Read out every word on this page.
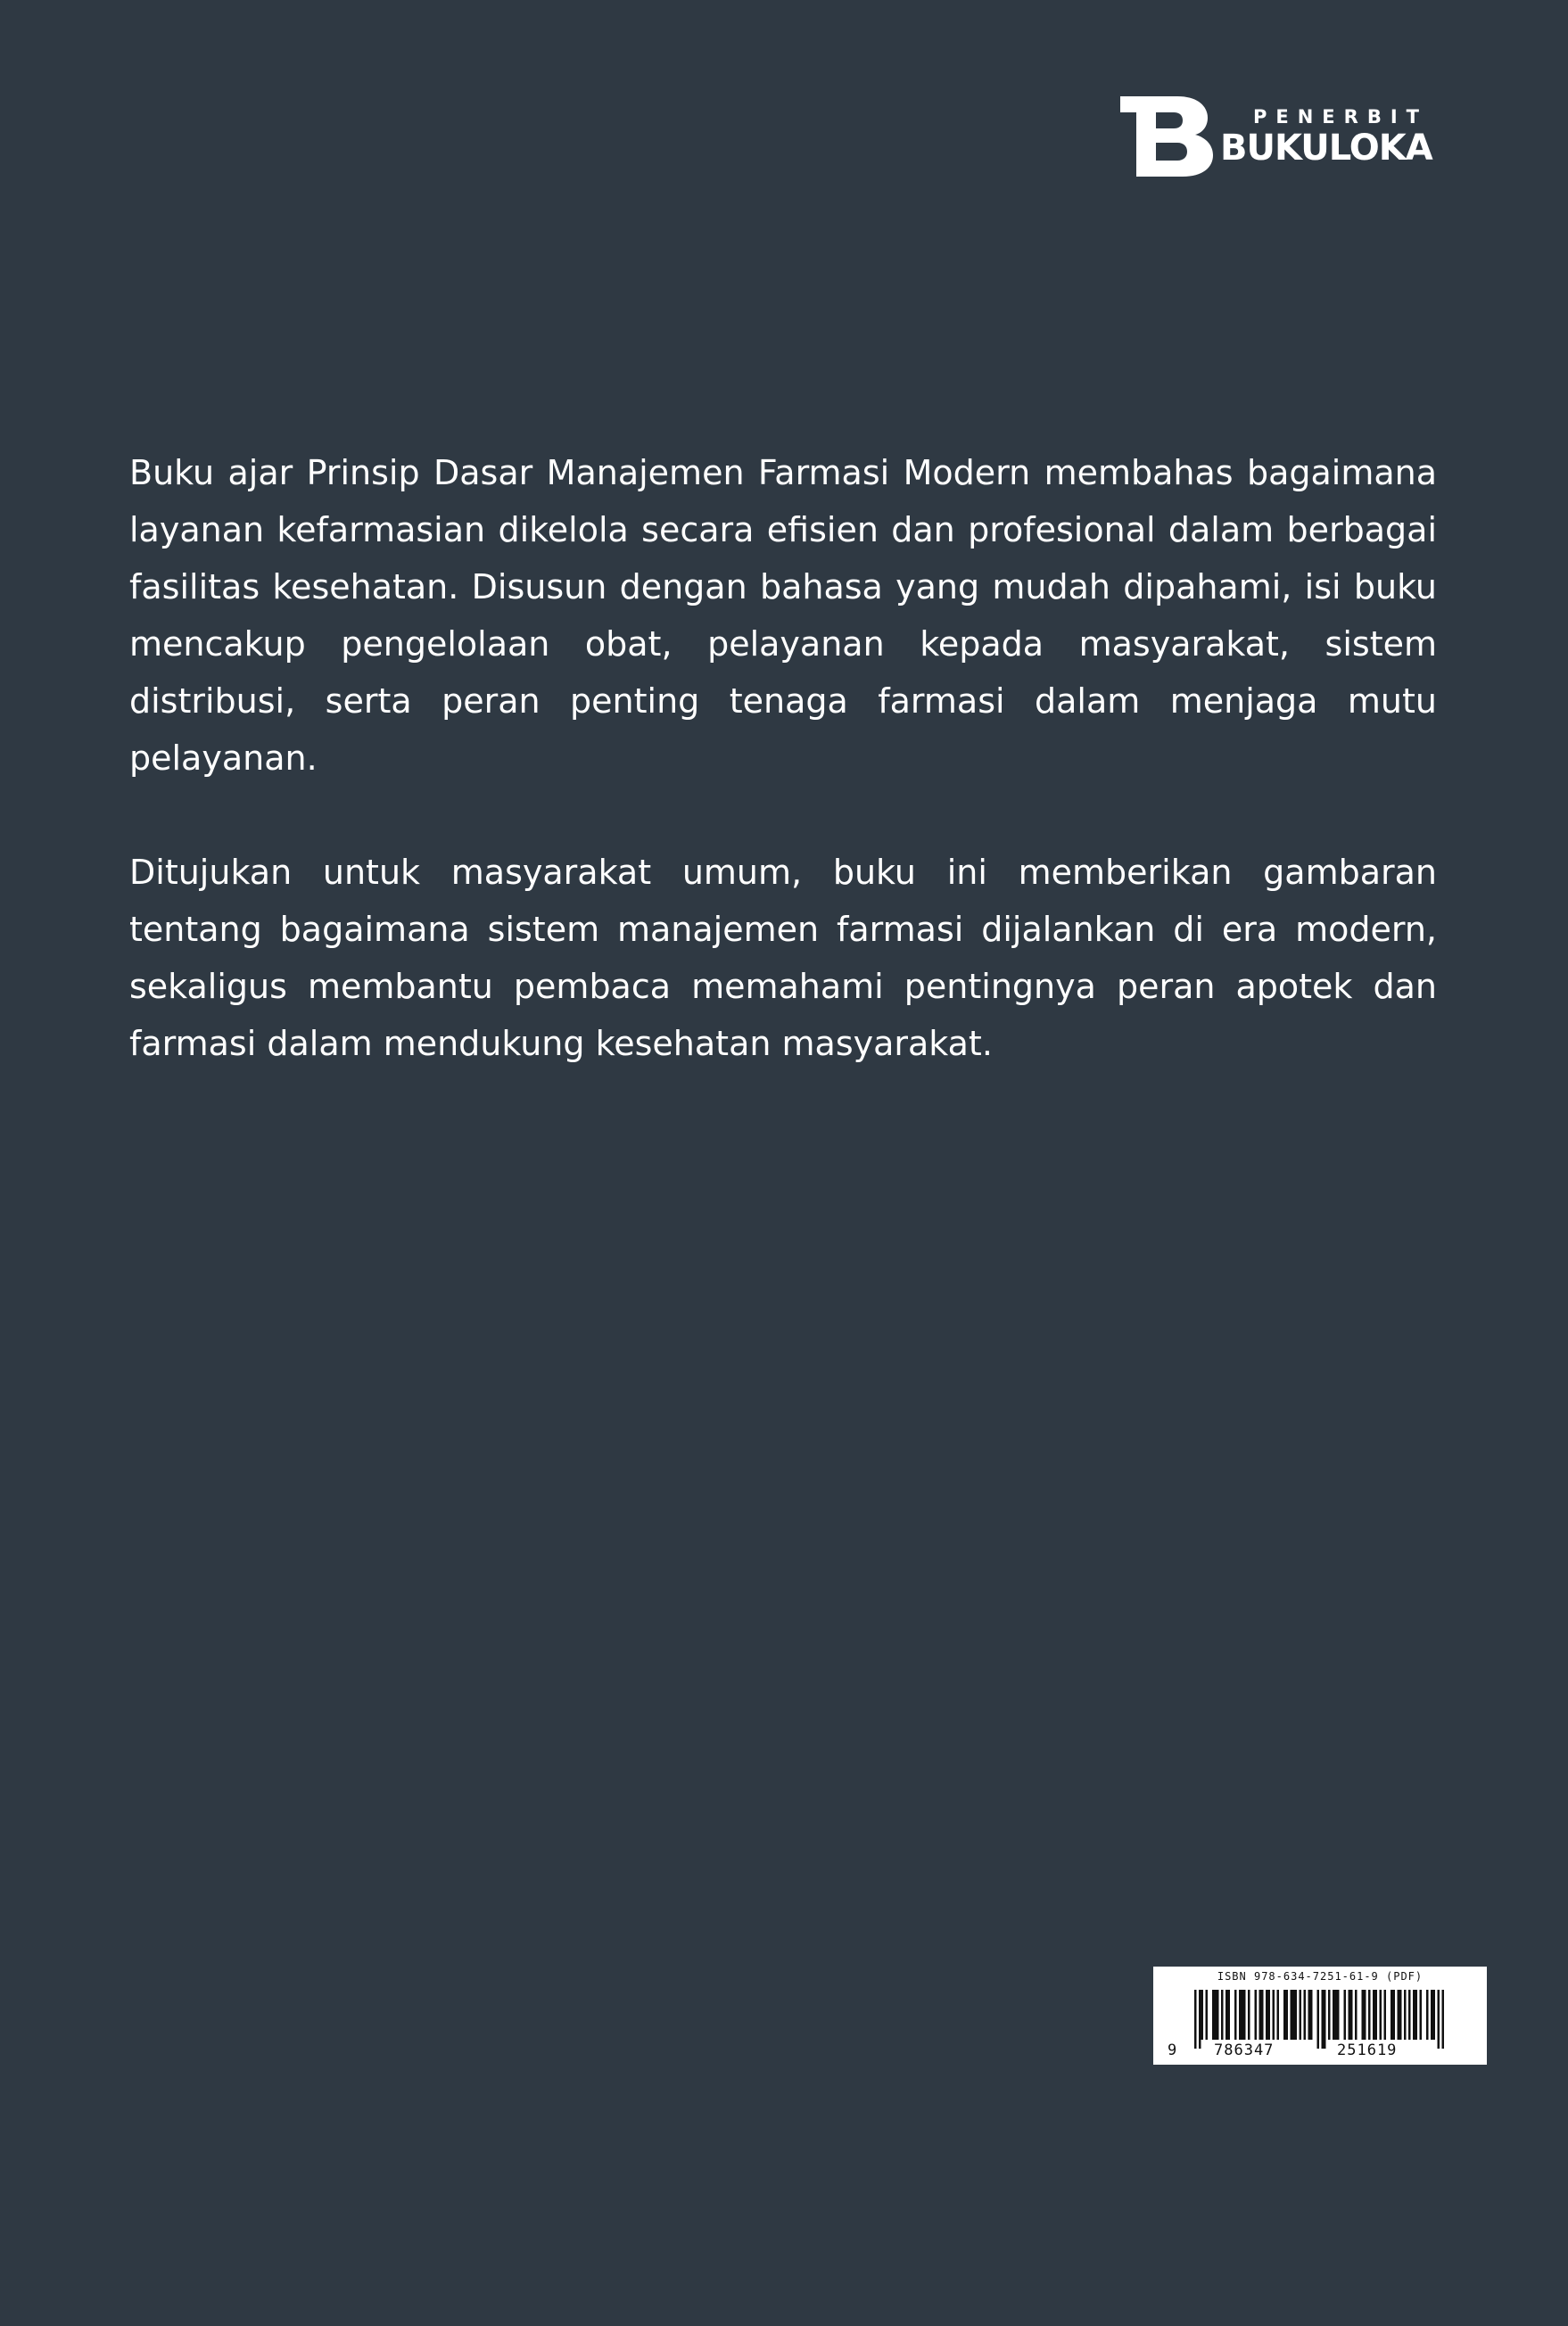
PENERBIT
BUKULOKA

Buku ajar Prinsip Dasar Manajemen Farmasi Modern membahas bagaimana layanan kefarmasian dikelola secara efisien dan profesional dalam berbagai fasilitas kesehatan. Disusun dengan bahasa yang mudah dipahami, isi buku mencakup pengelolaan obat, pelayanan kepada masyarakat, sistem distribusi, serta peran penting tenaga farmasi dalam menjaga mutu pelayanan.

Ditujukan untuk masyarakat umum, buku ini memberikan gambaran tentang bagaimana sistem manajemen farmasi dijalankan di era modern, sekaligus membantu pembaca memahami pentingnya peran apotek dan farmasi dalam mendukung kesehatan masyarakat.

ISBN 978-634-7251-61-9 (PDF)
9 786347	251619
